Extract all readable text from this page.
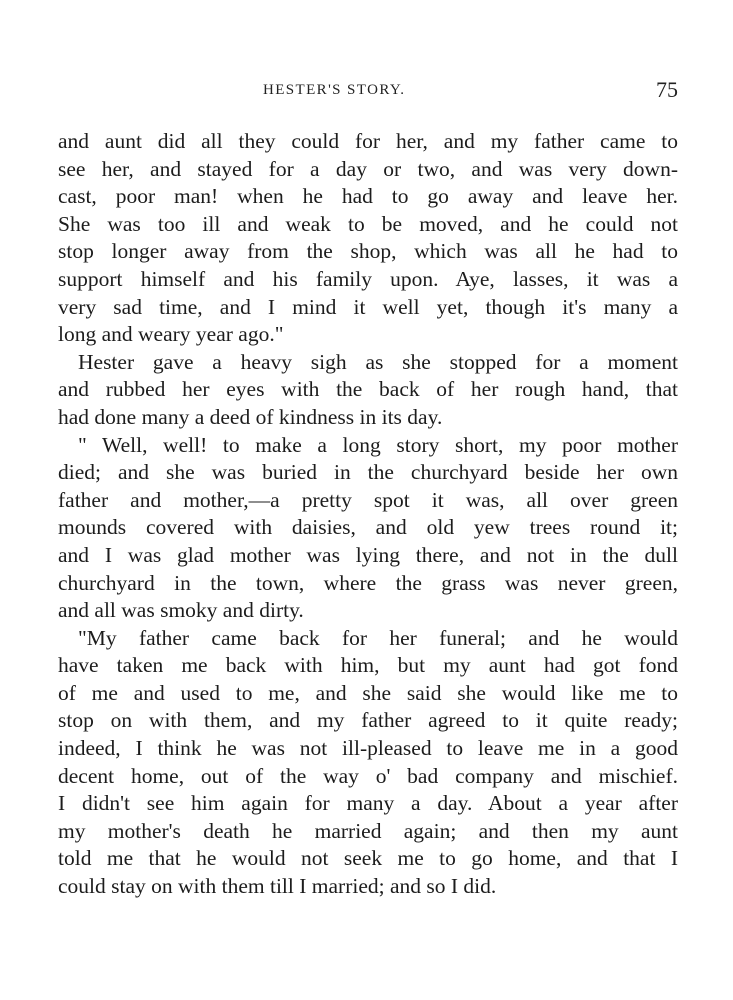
HESTER'S STORY.	75
and aunt did all they could for her, and my father came to
see her, and stayed for a day or two, and was very down-
cast, poor man! when he had to go away and leave her.
She was too ill and weak to be moved, and he could not
stop longer away from the shop, which was all he had to
support himself and his family upon. Aye, lasses, it was a
very sad time, and I mind it well yet, though it's many a
long and weary year ago."
Hester gave a heavy sigh as she stopped for a moment
and rubbed her eyes with the back of her rough hand, that
had done many a deed of kindness in its day.
" Well, well! to make a long story short, my poor mother
died; and she was buried in the churchyard beside her own
father and mother,—a pretty spot it was, all over green
mounds covered with daisies, and old yew trees round it;
and I was glad mother was lying there, and not in the dull
churchyard in the town, where the grass was never green,
and all was smoky and dirty.
"My father came back for her funeral; and he would
have taken me back with him, but my aunt had got fond
of me and used to me, and she said she would like me to
stop on with them, and my father agreed to it quite ready;
indeed, I think he was not ill-pleased to leave me in a good
decent home, out of the way o' bad company and mischief.
I didn't see him again for many a day. About a year after
my mother's death he married again; and then my aunt
told me that he would not seek me to go home, and that I
could stay on with them till I married; and so I did.
